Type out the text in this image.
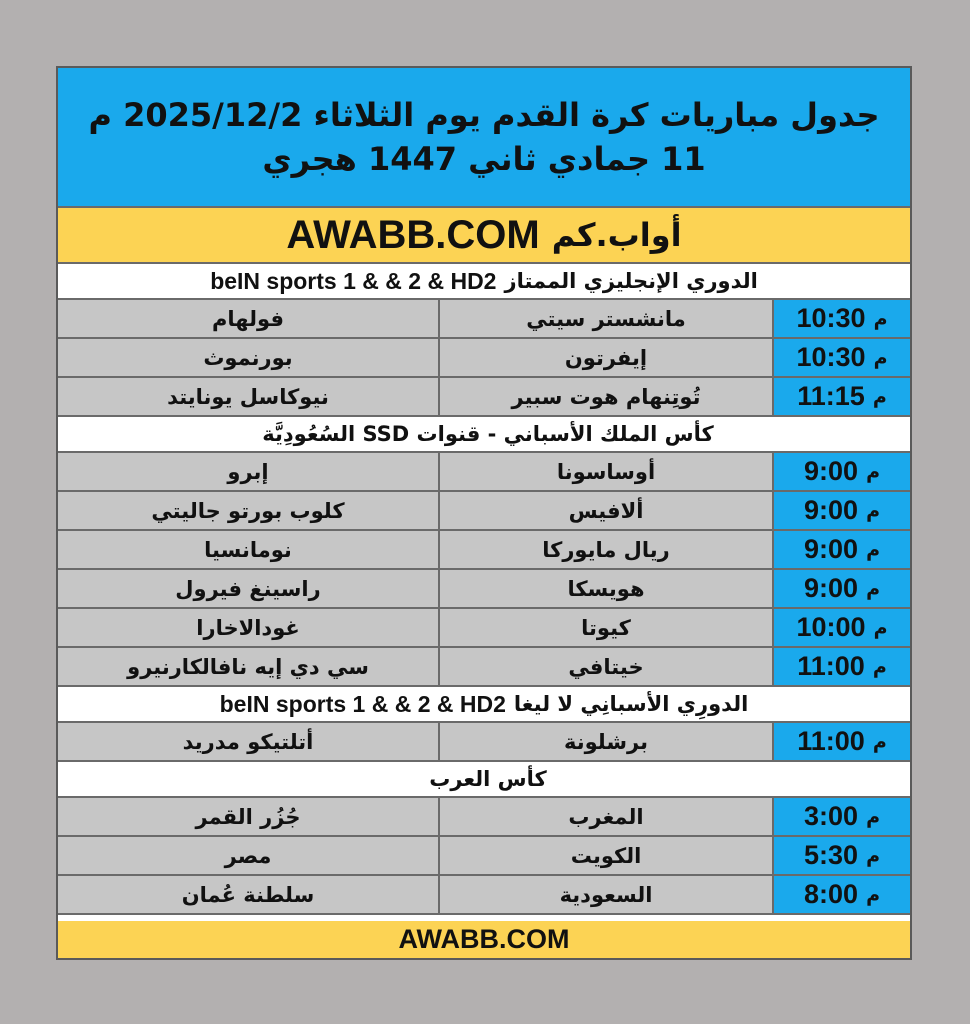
جدول مباريات كرة القدم يوم الثلاثاء 2025/12/2 م 11 جمادي ثاني 1447 هجري
أواب.كم
AWABB.COM
الدوري الإنجليزي الممتاز
beIN sports 1 & & 2 & HD2
م
10:30
مانشستر سيتي
فولهام
م
10:30
إيفرتون
بورنموث
م
11:15
تُوتِنهام هوت سبير
نيوكاسل يونايتد
كأس الملك الأسباني - قنوات SSD السُعُودِيَّة
م
9:00
أوساسونا
إبرو
م
9:00
ألافيس
كلوب بورتو جاليتي
م
9:00
ريال مايوركا
نومانسيا
م
9:00
هويسكا
راسينغ فيرول
م
10:00
كيوتا
غودالاخارا
م
11:00
خيتافي
سي دي إيه نافالكارنيرو
الدورِي الأسبانِي لا ليغا
beIN sports 1 & & 2 & HD2
م
11:00
برشلونة
أتلتيكو مدريد
كأس العرب
م
3:00
المغرب
جُزُر القمر
م
5:30
الكويت
مصر
م
8:00
السعودية
سلطنة عُمان
AWABB.COM
